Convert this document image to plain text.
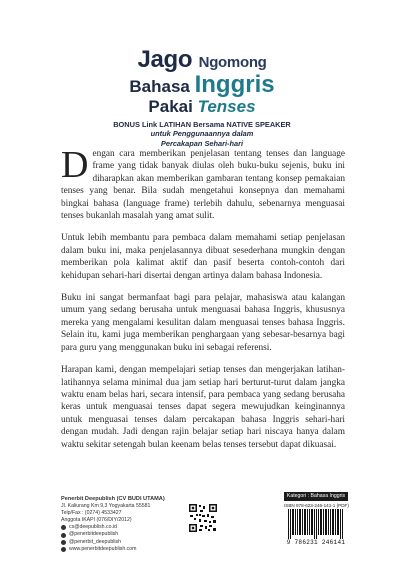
Jago Ngomong
Bahasa Inggris
Pakai Tenses
BONUS Link LATIHAN Bersama NATIVE SPEAKER
untuk Penggunaannya dalam
Percakapan Sehari-hari

Dengan cara memberikan penjelasan tentang tenses dan language frame yang tidak banyak diulas oleh buku-buku sejenis, buku ini diharapkan akan memberikan gambaran tentang konsep pemakaian tenses yang benar. Bila sudah mengetahui konsepnya dan memahami bingkai bahasa (language frame) terlebih dahulu, sebenarnya menguasai tenses bukanlah masalah yang amat sulit.

Untuk lebih membantu para pembaca dalam memahami setiap penjelasan dalam buku ini, maka penjelasannya dibuat sesederhana mungkin dengan memberikan pola kalimat aktif dan pasif beserta contoh-contoh dari kehidupan sehari-hari disertai dengan artinya dalam bahasa Indonesia.

Buku ini sangat bermanfaat bagi para pelajar, mahasiswa atau kalangan umum yang sedang berusaha untuk menguasai bahasa Inggris, khususnya mereka yang mengalami kesulitan dalam menguasai tenses bahasa Inggris. Selain itu, kami juga memberikan penghargaan yang sebesar-besarnya bagi para guru yang menggunakan buku ini sebagai referensi.

Harapan kami, dengan mempelajari setiap tenses dan mengerjakan latihan-latihannya selama minimal dua jam setiap hari berturut-turut dalam jangka waktu enam belas hari, secara intensif, para pembaca yang sedang berusaha keras untuk menguasai tenses dapat segera mewujudkan keinginannya untuk menguasai tenses dalam percakapan bahasa Inggris sehari-hari dengan mudah. Jadi dengan rajin belajar setiap hari niscaya hanya dalam waktu sekitar setengah bulan keenam belas tenses tersebut dapat dikuasai.

Penerbit Deepublish (CV BUDI UTAMA)
Jl. Kaliurang Km 9,3 Yogyakarta 55581
Telp/Fax : (0274) 4533427
Anggota IKAPI (076/DIY/2012)
cs@deepublish.co.id
@penerbitdeepublish
@penerbit_deepublish
www.penerbitdeepublish.com
Kategori : Bahasa Inggris
ISBN 978-623-246-141-1 (PDF)
9 786231 246141
